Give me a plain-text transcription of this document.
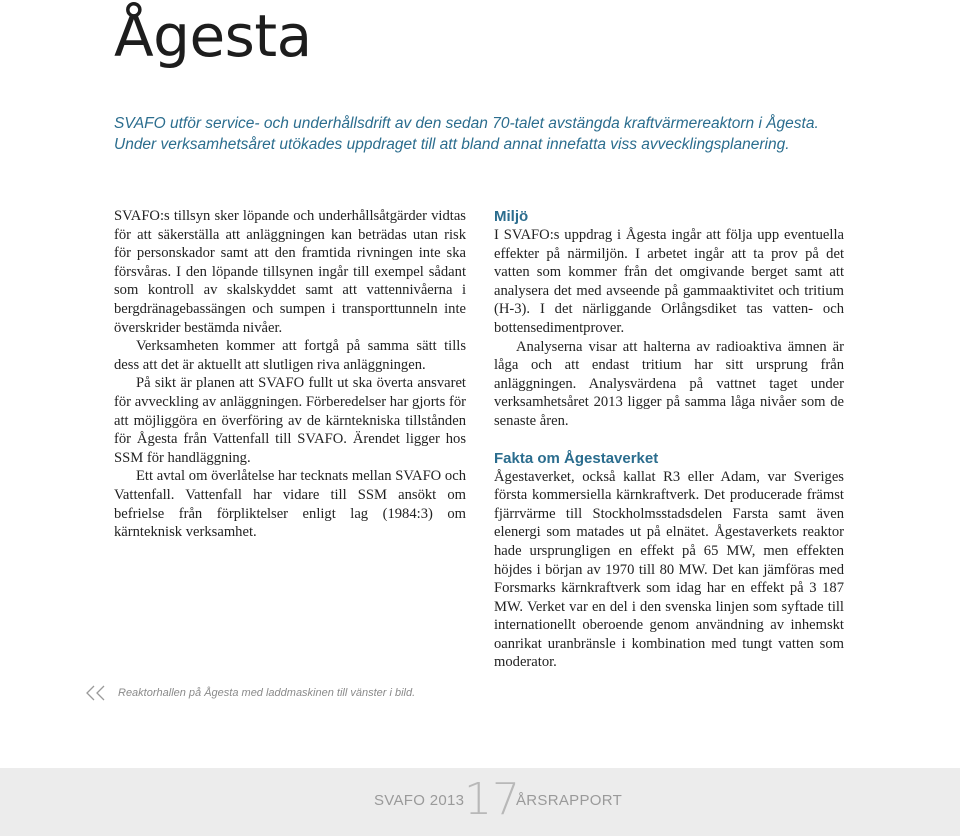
Ågesta
SVAFO utför service- och underhållsdrift av den sedan 70-talet avstängda kraftvärmereaktorn i Ågesta.
Under verksamhetsåret utökades uppdraget till att bland annat innefatta viss avvecklingsplanering.

SVAFO:s tillsyn sker löpande och underhållsåtgärder vidtas för att säkerställa att anläggningen kan beträdas utan risk för personskador samt att den framtida rivningen inte ska försvåras. I den löpande tillsynen ingår till exempel sådant som kontroll av skalskyddet samt att vattennivåerna i bergdränagebassängen och sumpen i transporttunneln inte överskrider bestämda nivåer.

Verksamheten kommer att fortgå på samma sätt tills dess att det är aktuellt att slutligen riva anläggningen.

På sikt är planen att SVAFO fullt ut ska överta ansvaret för avveckling av anläggningen. Förberedelser har gjorts för att möjliggöra en överföring av de kärntekniska tillstånden för Ågesta från Vattenfall till SVAFO. Ärendet ligger hos SSM för handläggning.

Ett avtal om överlåtelse har tecknats mellan SVAFO och Vattenfall. Vattenfall har vidare till SSM ansökt om befrielse från förpliktelser enligt lag (1984:3) om kärnteknisk verksamhet.

Miljö

I SVAFO:s uppdrag i Ågesta ingår att följa upp eventuella effekter på närmiljön. I arbetet ingår att ta prov på det vatten som kommer från det omgivande berget samt att analysera det med avseende på gammaaktivitet och tritium (H-3). I det närliggande Orlångsdiket tas vatten- och bottensedimentprover.

Analyserna visar att halterna av radioaktiva ämnen är låga och att endast tritium har sitt ursprung från anläggningen. Analysvärdena på vattnet taget under verksamhetsåret 2013 ligger på samma låga nivåer som de senaste åren.

Fakta om Ågestaverket

Ågestaverket, också kallat R3 eller Adam, var Sveriges första kommersiella kärnkraftverk. Det producerade främst fjärrvärme till Stockholmsstadsdelen Farsta samt även elenergi som matades ut på elnätet. Ågestaverkets reaktor hade ursprungligen en effekt på 65 MW, men effekten höjdes i början av 1970 till 80 MW. Det kan jämföras med Forsmarks kärnkraftverk som idag har en effekt på 3 187 MW. Verket var en del i den svenska linjen som syftade till internationellt oberoende genom användning av inhemskt oanrikat uranbränsle i kombination med tungt vatten som moderator.

Reaktorhallen på Ågesta med laddmaskinen till vänster i bild.
SVAFO 2013 17
ÅRSRAPPORT
